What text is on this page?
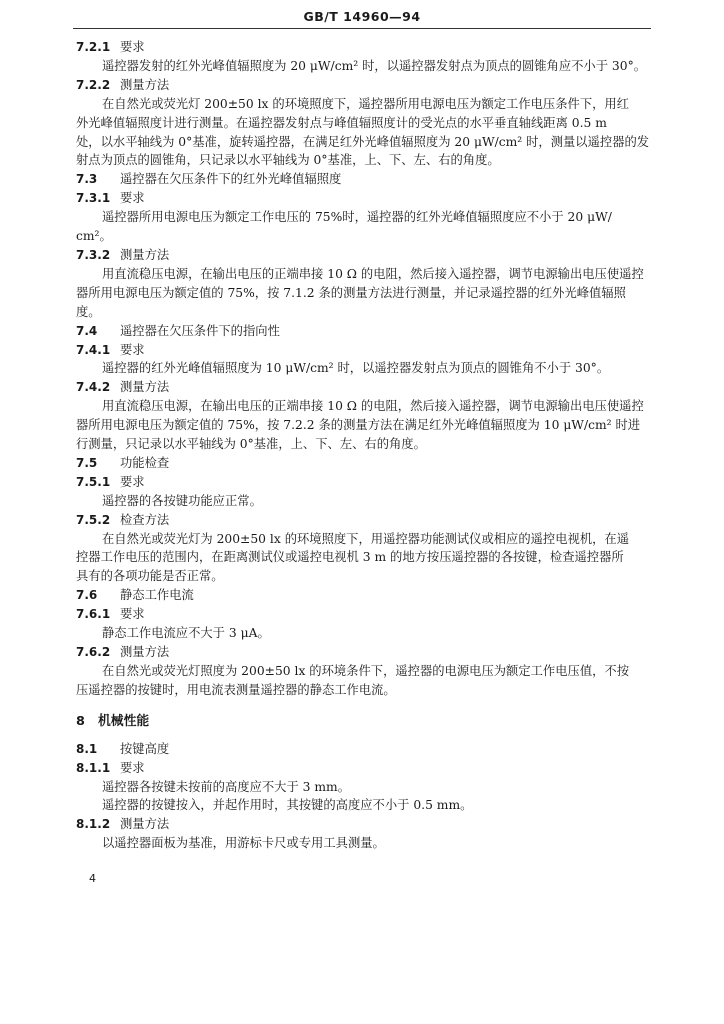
GB/T 14960—94
7.2.1 要求
遥控器发射的红外光峰值辐照度为 20 μW/cm² 时，以遥控器发射点为顶点的圆锥角应不小于 30°。
7.2.2 测量方法
在自然光或荧光灯 200±50 lx 的环境照度下，遥控器所用电源电压为额定工作电压条件下，用红
外光峰值辐照度计进行测量。在遥控器发射点与峰值辐照度计的受光点的水平垂直轴线距离 0.5 m
处，以水平轴线为 0°基准，旋转遥控器，在满足红外光峰值辐照度为 20 μW/cm² 时，测量以遥控器的发
射点为顶点的圆锥角，只记录以水平轴线为 0°基准，上、下、左、右的角度。
7.3 遥控器在欠压条件下的红外光峰值辐照度
7.3.1 要求
遥控器所用电源电压为额定工作电压的 75%时，遥控器的红外光峰值辐照度应不小于 20 μW/
cm²。
7.3.2 测量方法
用直流稳压电源，在输出电压的正端串接 10 Ω 的电阻，然后接入遥控器，调节电源输出电压使遥控
器所用电源电压为额定值的 75%，按 7.1.2 条的测量方法进行测量，并记录遥控器的红外光峰值辐照
度。
7.4 遥控器在欠压条件下的指向性
7.4.1 要求
遥控器的红外光峰值辐照度为 10 μW/cm² 时，以遥控器发射点为顶点的圆锥角不小于 30°。
7.4.2 测量方法
用直流稳压电源，在输出电压的正端串接 10 Ω 的电阻，然后接入遥控器，调节电源输出电压使遥控
器所用电源电压为额定值的 75%，按 7.2.2 条的测量方法在满足红外光峰值辐照度为 10 μW/cm² 时进
行测量，只记录以水平轴线为 0°基准，上、下、左、右的角度。
7.5 功能检查
7.5.1 要求
遥控器的各按键功能应正常。
7.5.2 检查方法
在自然光或荧光灯为 200±50 lx 的环境照度下，用遥控器功能测试仪或相应的遥控电视机，在遥
控器工作电压的范围内，在距离测试仪或遥控电视机 3 m 的地方按压遥控器的各按键，检查遥控器所
具有的各项功能是否正常。
7.6 静态工作电流
7.6.1 要求
静态工作电流应不大于 3 μA。
7.6.2 测量方法
在自然光或荧光灯照度为 200±50 lx 的环境条件下，遥控器的电源电压为额定工作电压值，不按
压遥控器的按键时，用电流表测量遥控器的静态工作电流。
8 机械性能
8.1 按键高度
8.1.1 要求
遥控器各按键未按前的高度应不大于 3 mm。
遥控器的按键按入，并起作用时，其按键的高度应不小于 0.5 mm。
8.1.2 测量方法
以遥控器面板为基准，用游标卡尺或专用工具测量。
4
